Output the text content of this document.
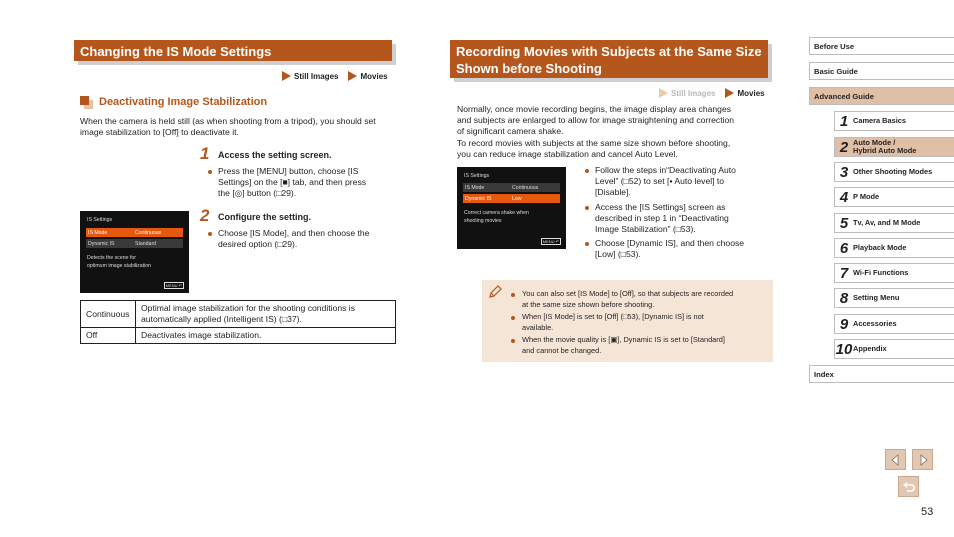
Changing the IS Mode Settings
Still Images	Movies
Deactivating Image Stabilization
When the camera is held still (as when shooting from a tripod), you should set image stabilization to [Off] to deactivate it.
IS Settings
IS Mode	Continuous
Dynamic IS	Standard
Detects the scene for
optimum image stabilization
MENU ↶
1 Access the setting screen.
Press the [MENU] button, choose [IS
Settings] on the [■] tab, and then press
the [◎] button (□29).
2 Configure the setting.
Choose [IS Mode], and then choose the
desired option (□29).
Continuous	Optimal image stabilization for the shooting conditions is
automatically applied (Intelligent IS) (□37).
Off	Deactivates image stabilization.
Recording Movies with Subjects at the Same Size
Shown before Shooting
Still Images	Movies
Normally, once movie recording begins, the image display area changes
and subjects are enlarged to allow for image straightening and correction
of significant camera shake.
To record movies with subjects at the same size shown before shooting,
you can reduce image stabilization and cancel Auto Level.
IS Settings
IS Mode	Continuous
Dynamic IS	Low
Correct camera shake when
shooting movies
MENU ↶
Follow the steps in“Deactivating Auto
Level” (□52) to set [▪ Auto level] to
[Disable].
Access the [IS Settings] screen as
described in step 1 in “Deactivating
Image Stabilization” (□53).
Choose [Dynamic IS], and then choose
[Low] (□53).
You can also set [IS Mode] to [Off], so that subjects are recorded
at the same size shown before shooting.
When [IS Mode] is set to [Off] (□53), [Dynamic IS] is not
available.
When the movie quality is [▣], Dynamic IS is set to [Standard]
and cannot be changed.
Before Use
Basic Guide
Advanced Guide
1 Camera Basics
2 Auto Mode /
Hybrid Auto Mode
3 Other Shooting Modes
4 P Mode
5 Tv, Av, and M Mode
6 Playback Mode
7 Wi-Fi Functions
8 Setting Menu
9 Accessories
10 Appendix
Index
53
